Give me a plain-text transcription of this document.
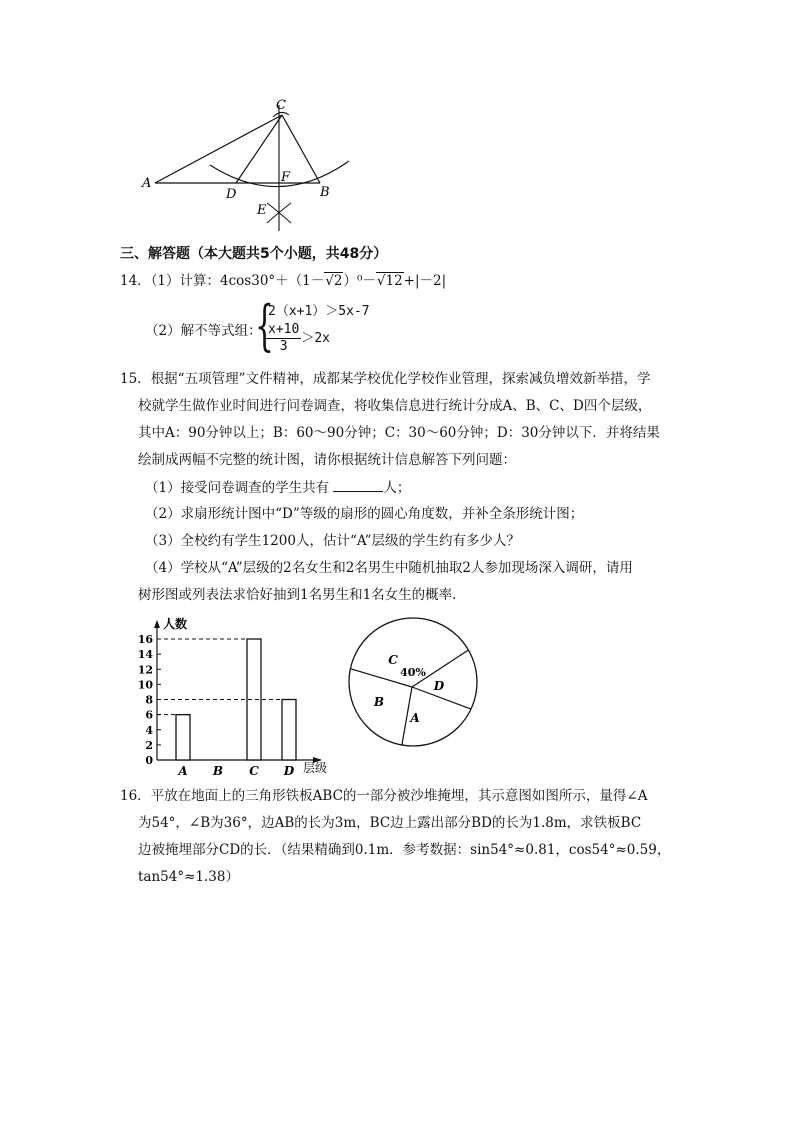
C
A
D
F
B
E
三、解答题（本大题共5个小题，共48分）
14．（1）计算：4cos30°＋（1－√2）⁰－√12+|－2|
（2）解不等式组：
{
2（x+1）＞5x-7
$\frac{x+10}{3} >2x$
15．根据“五项管理”文件精神，成都某学校优化学校作业管理，探索减负增效新举措，学
校就学生做作业时间进行问卷调查，将收集信息进行统计分成A、B、C、D四个层级，
其中A：90分钟以上；B：60～90分钟；C：30～60分钟；D：30分钟以下．并将结果
绘制成两幅不完整的统计图，请你根据统计信息解答下列问题：
（1）接受问卷调查的学生共有	人；
（2）求扇形统计图中“D”等级的扇形的圆心角度数，并补全条形统计图；
（3）全校约有学生1200人，估计“A”层级的学生约有多少人？
（4）学校从“A”层级的2名女生和2名男生中随机抽取2人参加现场深入调研，请用
树形图或列表法求恰好抽到1名男生和1名女生的概率．
人数
层级
0
2
4
6
8
10
12
14
16
A B C D
C
40%
D
A
B
16．平放在地面上的三角形铁板ABC的一部分被沙堆掩埋，其示意图如图所示，量得∠A
为54°，∠B为36°，边AB的长为3m，BC边上露出部分BD的长为1.8m，求铁板BC
边被掩埋部分CD的长．（结果精确到0.1m．参考数据：sin54°≈0.81，cos54°≈0.59，
tan54°≈1.38）
